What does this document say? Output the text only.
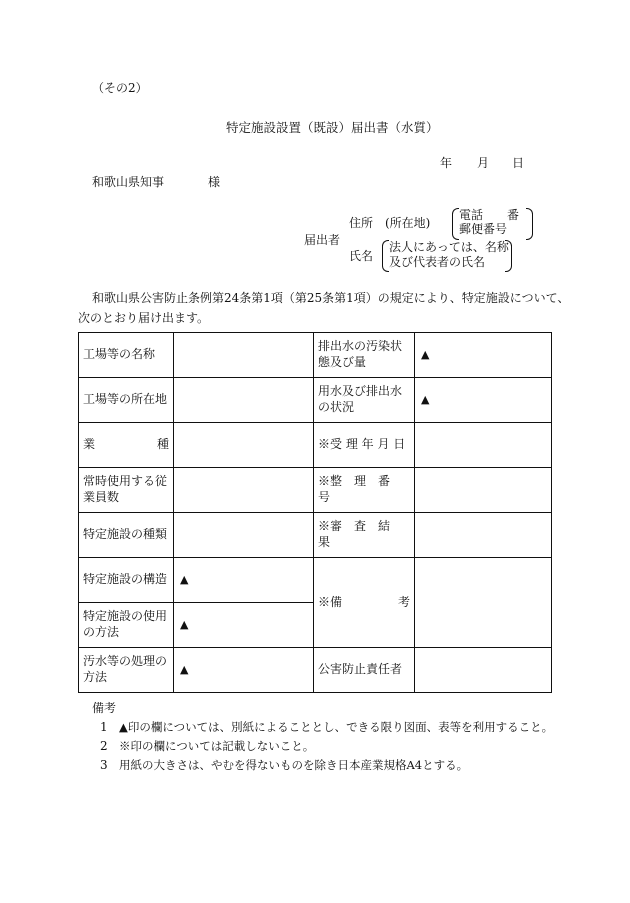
（その2）
特定施設設置（既設）届出書（水質）
年 月 日
和歌山県知事	様
届出者
住所　(所在地)
電話　　番
郵便番号
氏名
法人にあっては、名称
及び代表者の氏名
和歌山県公害防止条例第24条第1項（第25条第1項）の規定により、特定施設について、
次のとおり届け出ます。
工場等の名称		排出水の汚染状態及び量	▲
工場等の所在地		用水及び排出水の状況	▲

業 種		※受 理 年 月 日	
常時使用する従業員数		※整　理　番　号	
特定施設の種類		※審　査　結　果	
特定施設の構造	▲	※備 考	

特定施設の使用の方法	▲		
汚水等の処理の方法	▲	公害防止責任者	
備考
1 ▲印の欄については、別紙によることとし、できる限り図面、表等を利用すること。
2 ※印の欄については記載しないこと。
3 用紙の大きさは、やむを得ないものを除き日本産業規格A4とする。
